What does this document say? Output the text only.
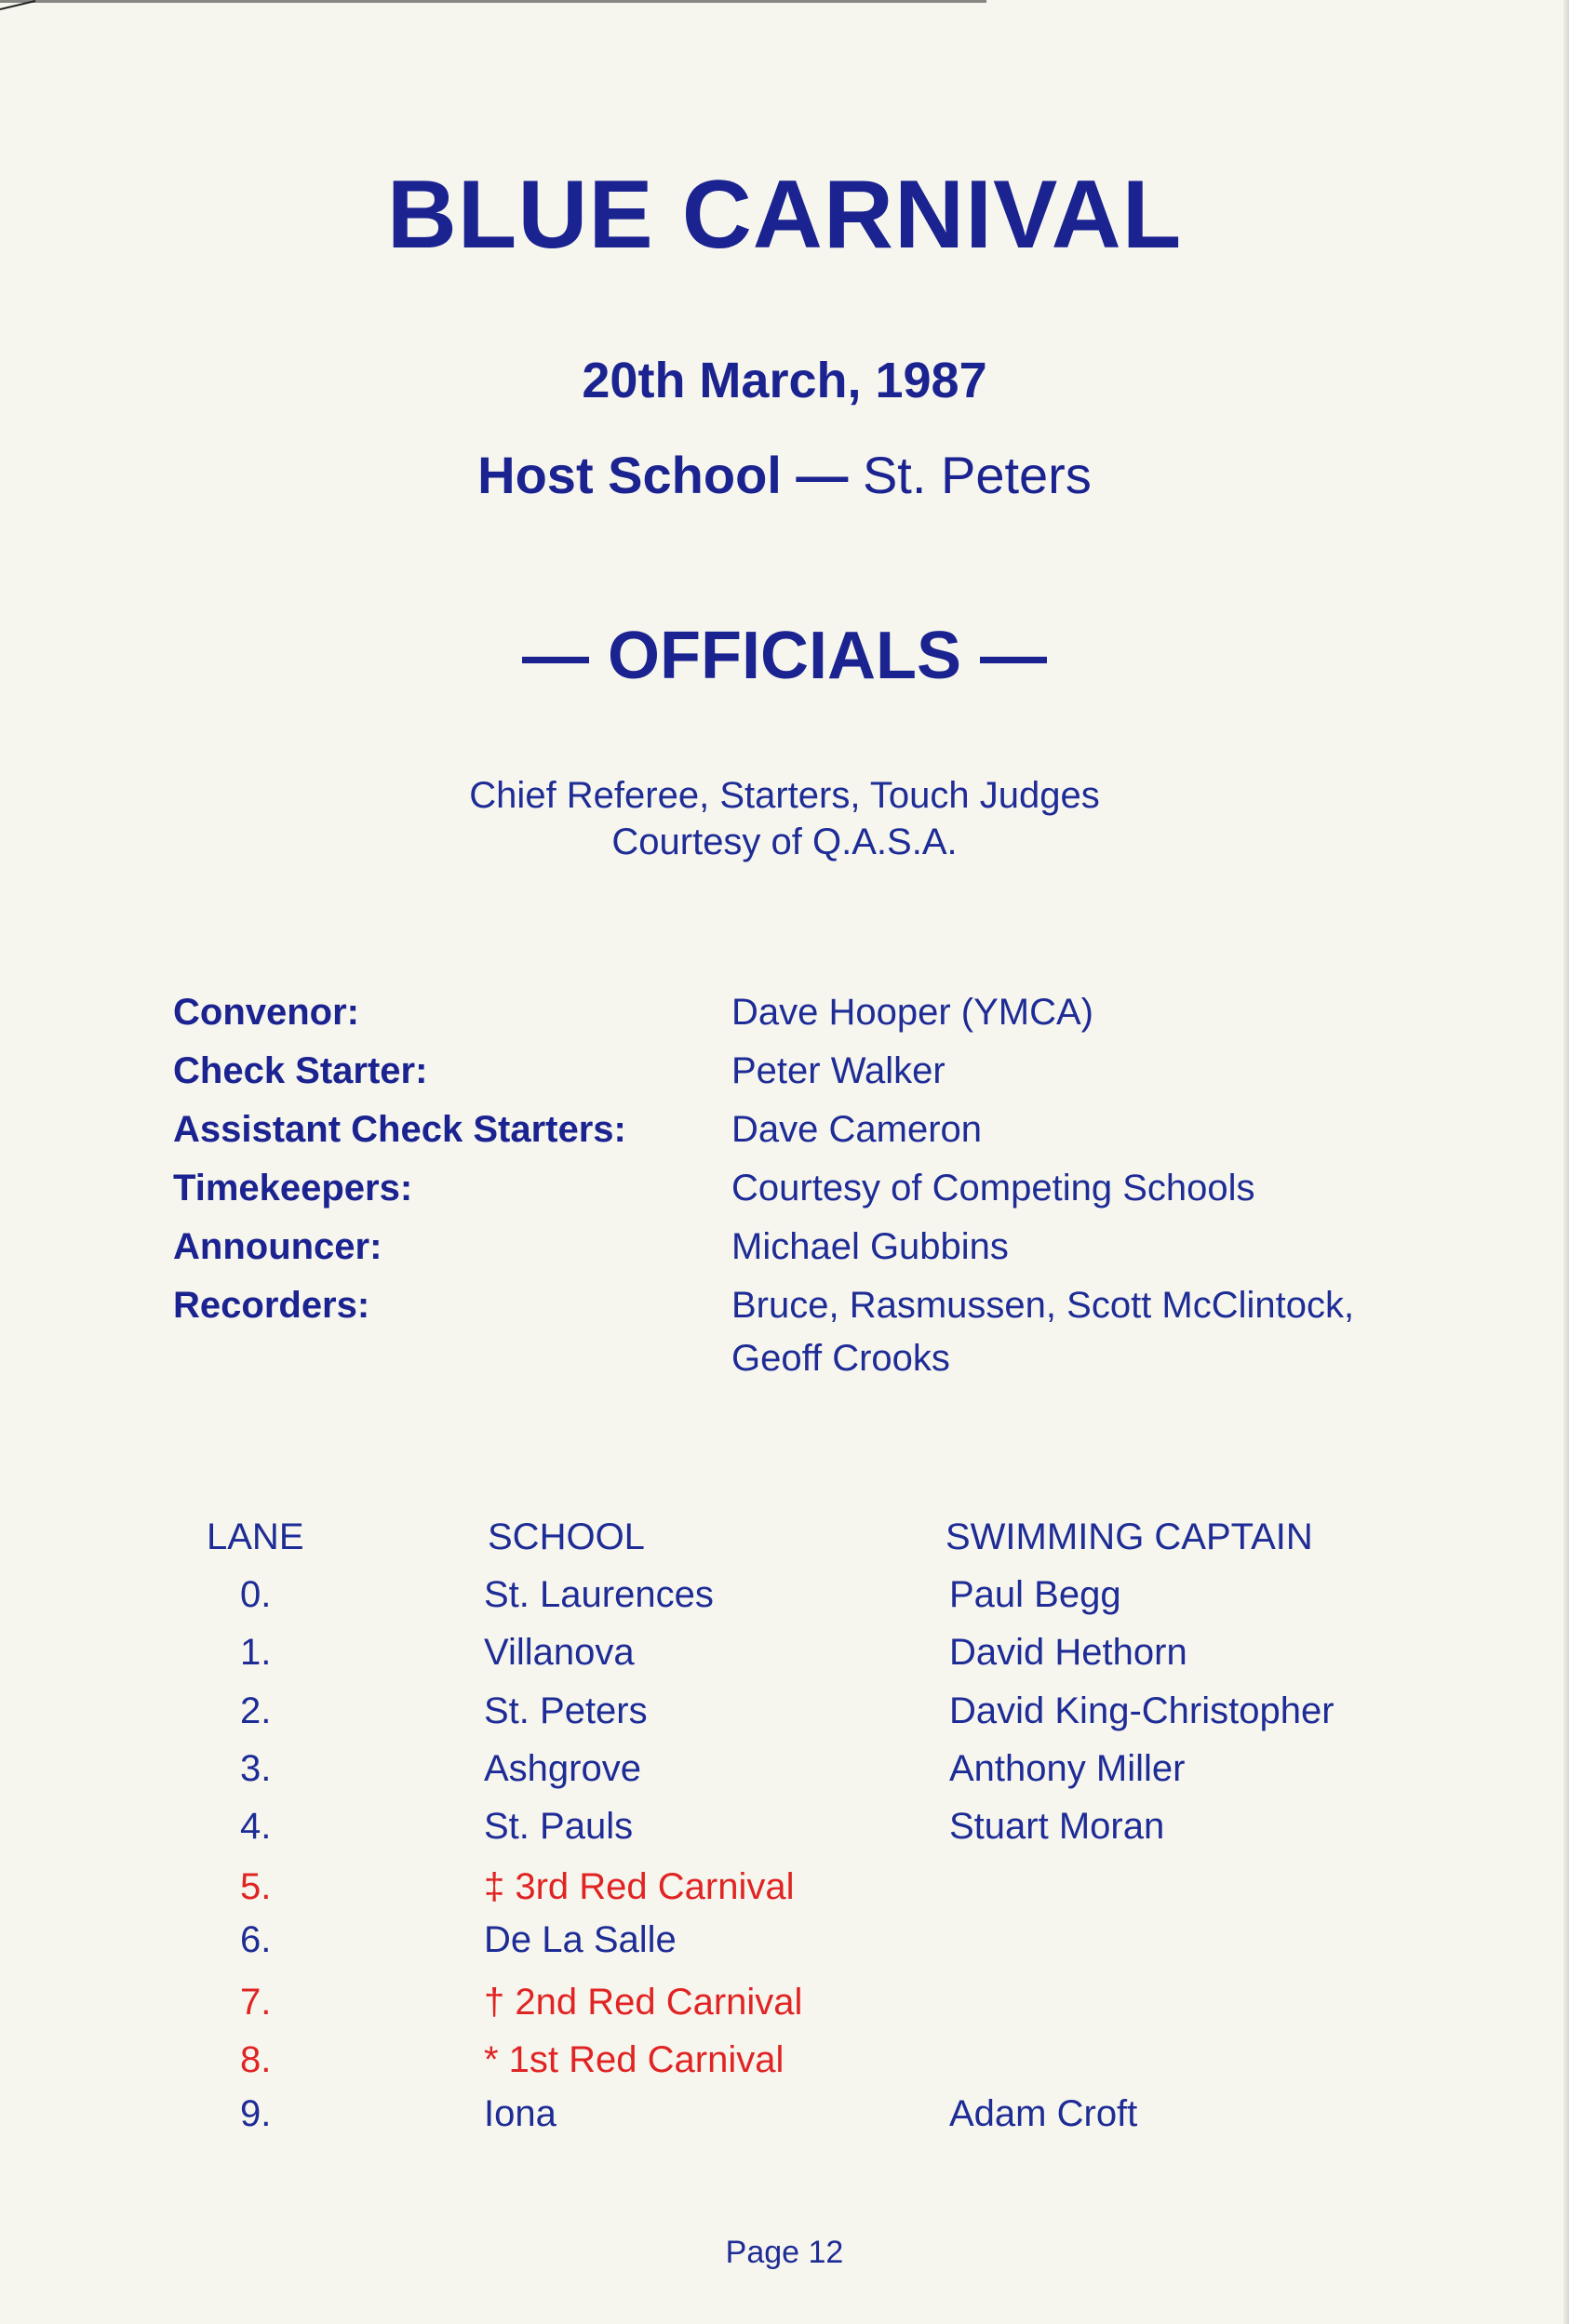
BLUE CARNIVAL
20th March, 1987
Host School — St. Peters
— OFFICIALS —
Chief Referee, Starters, Touch Judges
Courtesy of Q.A.S.A.
Convenor:	Dave Hooper (YMCA)
Check Starter:	Peter Walker
Assistant Check Starters:	Dave Cameron
Timekeepers:	Courtesy of Competing Schools
Announcer:	Michael Gubbins
Recorders:	Bruce, Rasmussen, Scott McClintock,
Geoff Crooks
LANE	SCHOOL	SWIMMING CAPTAIN
0.	St. Laurences	Paul Begg
1.	Villanova	David Hethorn
2.	St. Peters	David King-Christopher
3.	Ashgrove	Anthony Miller
4.	St. Pauls	Stuart Moran
5.	‡ 3rd Red Carnival
6.	De La Salle
7.	† 2nd Red Carnival
8.	* 1st Red Carnival
9.	Iona	Adam Croft
Page 12
